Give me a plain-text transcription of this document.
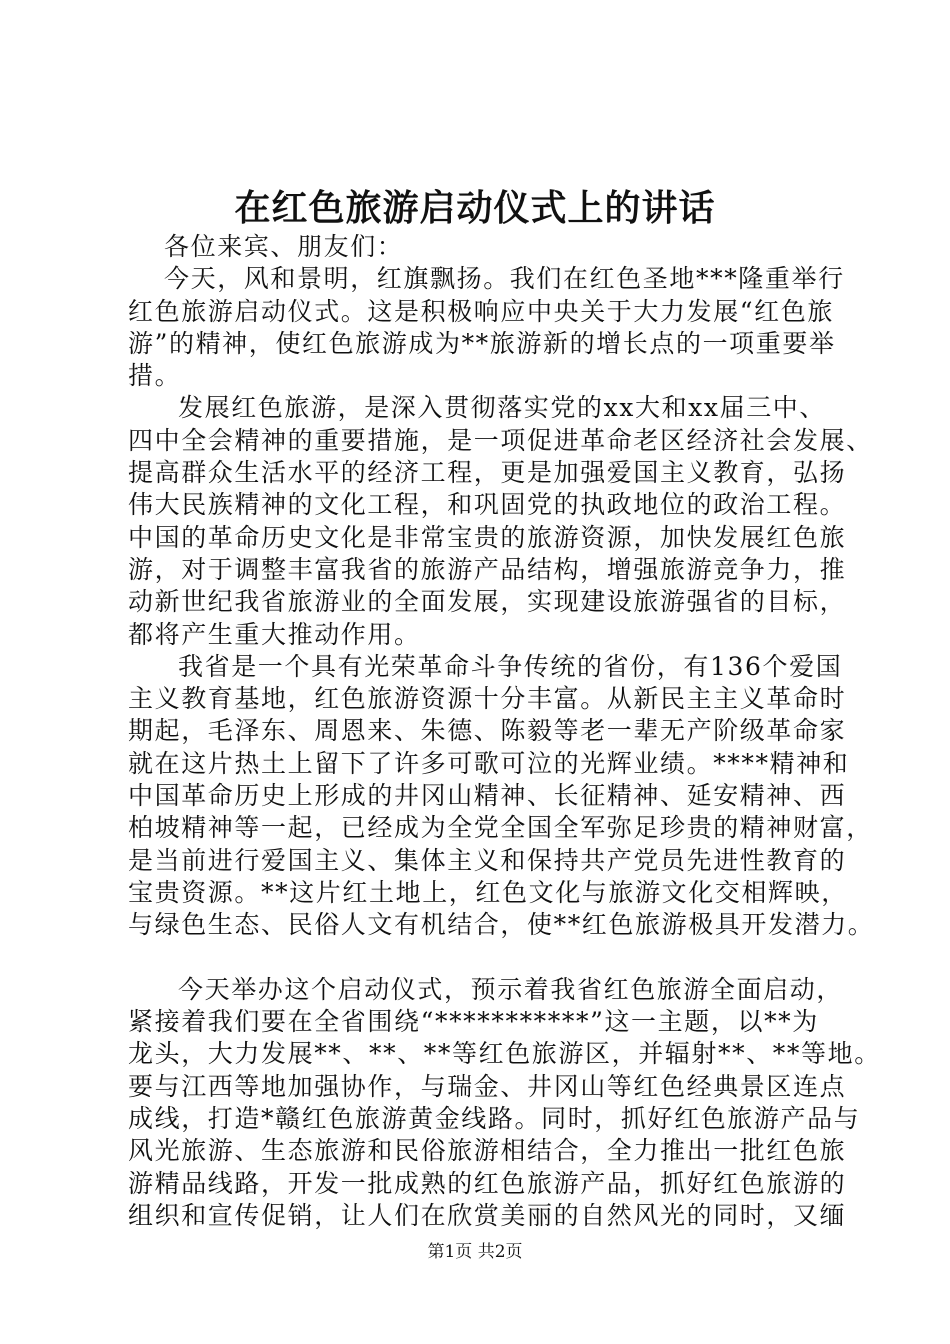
在红色旅游启动仪式上的讲话
各位来宾、朋友们：
今天，风和景明，红旗飘扬。我们在红色圣地***隆重举行
红色旅游启动仪式。这是积极响应中央关于大力发展“红色旅
游”的精神，使红色旅游成为**旅游新的增长点的一项重要举
措。
发展红色旅游，是深入贯彻落实党的xx大和xx届三中、
四中全会精神的重要措施，是一项促进革命老区经济社会发展、
提高群众生活水平的经济工程，更是加强爱国主义教育，弘扬
伟大民族精神的文化工程，和巩固党的执政地位的政治工程。
中国的革命历史文化是非常宝贵的旅游资源，加快发展红色旅
游，对于调整丰富我省的旅游产品结构，增强旅游竞争力，推
动新世纪我省旅游业的全面发展，实现建设旅游强省的目标，
都将产生重大推动作用。
我省是一个具有光荣革命斗争传统的省份，有136个爱国
主义教育基地，红色旅游资源十分丰富。从新民主主义革命时
期起，毛泽东、周恩来、朱德、陈毅等老一辈无产阶级革命家
就在这片热土上留下了许多可歌可泣的光辉业绩。****精神和
中国革命历史上形成的井冈山精神、长征精神、延安精神、西
柏坡精神等一起，已经成为全党全国全军弥足珍贵的精神财富，
是当前进行爱国主义、集体主义和保持共产党员先进性教育的
宝贵资源。**这片红土地上，红色文化与旅游文化交相辉映，
与绿色生态、民俗人文有机结合，使**红色旅游极具开发潜力。
今天举办这个启动仪式，预示着我省红色旅游全面启动，
紧接着我们要在全省围绕“***********”这一主题，以**为
龙头，大力发展**、**、**等红色旅游区，并辐射**、**等地。
要与江西等地加强协作，与瑞金、井冈山等红色经典景区连点
成线，打造*赣红色旅游黄金线路。同时，抓好红色旅游产品与
风光旅游、生态旅游和民俗旅游相结合，全力推出一批红色旅
游精品线路，开发一批成熟的红色旅游产品，抓好红色旅游的
组织和宣传促销，让人们在欣赏美丽的自然风光的同时，又缅
第1页 共2页
